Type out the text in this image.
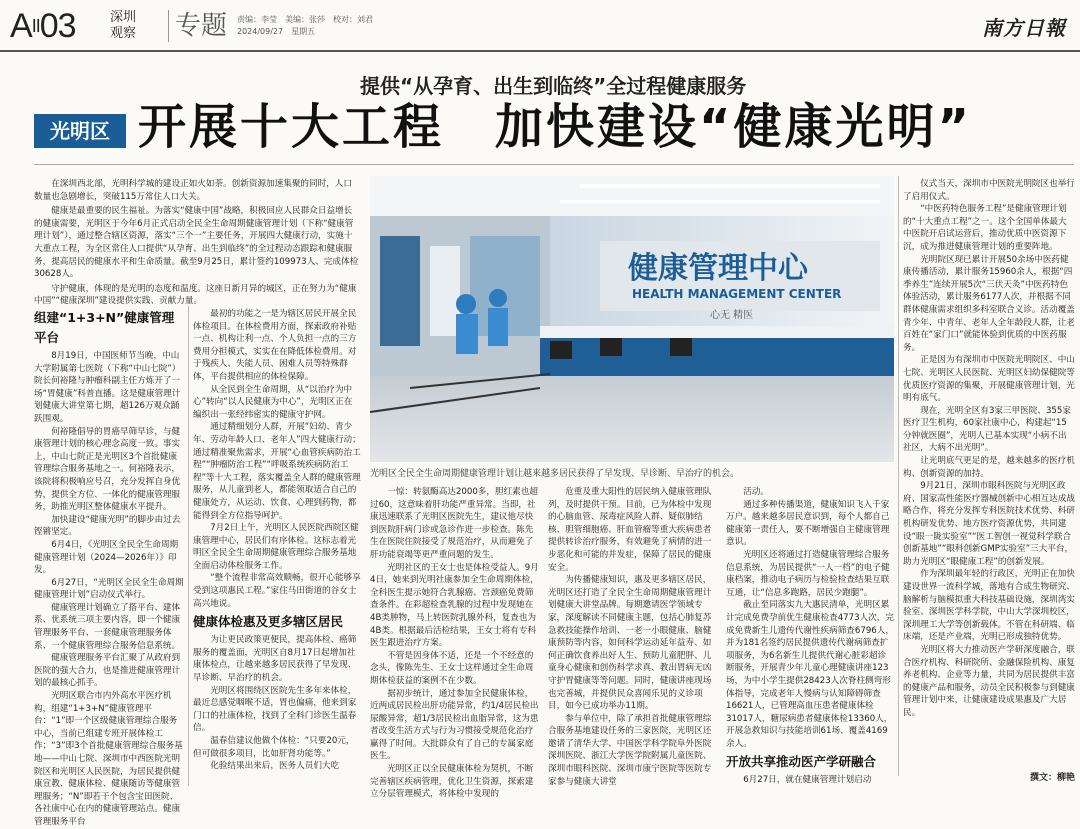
$A^{II}03$	深圳
观察 专题 责编：李莹　美编：张莎　校对：刘君
2024/09/27　星期五	南方日報
提供“从孕育、出生到临终”全过程健康服务
光明区 开展十大工程　加快建设“健康光明”

在深圳西北部，光明科学城的建设正如火如荼。创新资源加速集聚的同时，人口数量也急剧增长，突破115万常住人口大关。

健康是最重要的民生福祉。为落实“健康中国”战略，积极回应人民群众日益增长的健康需要，光明区于今年6月正式启动全民全生命周期健康管理计划（下称“健康管理计划”），通过整合辖区资源，落实“三个一”主要任务，开展四大健康行动，实施十大重点工程，为全区常住人口提供“从孕育、出生到临终”的全过程动态跟踪和健康服务，提高居民的健康水平和生命质量。截至9月25日，累计签约109973人、完成体检30628人。

守护健康，体现的是光明的态度和温度。这座日新月异的城区，正在努力为“健康中国”“健康深圳”建设提供实践、贡献力量。

健康管理中心
HEALTH MANAGEMENT CENTER
心无 精医
光明区全民全生命周期健康管理计划让越来越多居民获得了早发现、早诊断、早治疗的机会。
组建“1+3+N”健康管理平台

8月19日，中国医师节当晚，中山大学附属第七医院（下称“中山七院”）院长何裕隆与肿瘤科副主任方炼开了一场“胃健康”科普直播。这是健康管理计划健康大讲堂第七期，超126万观众踊跃围观。

何裕隆倡导的胃癌早筛早诊，与健康管理计划的核心理念高度一致。事实上，中山七院正是光明区3个首批健康管理综合服务基地之一。何裕隆表示，该院将积极响应号召，充分发挥自身优势，提供全方位、一体化的健康管理服务，助推光明区整体健康水平提升。

加快建设“健康光明”的脚步由过去铿锵坚定。

6月4日，《光明区全民全生命周期健康管理计划（2024—2026年）》印发。

6月27日，“光明区全民全生命周期健康管理计划”启动仪式举行。

健康管理计划确立了搭平台、建体系、优系统三项主要内容，即一个健康管理服务平台、一套健康管理服务体系、一个健康管理综合服务信息系统。

健康管理服务平台汇聚了从政府到医院的强大合力，也是推进健康管理计划的最核心抓手。

光明区联合市内外高水平医疗机构，组建“1+3+N”健康管理平台：“1”即一个区级健康管理综合服务中心，当前已组建专班开展体检工作；“3”即3个首批健康管理综合服务基地——中山七院、深圳市中西医院光明院区和光明区人民医院，为居民提供健康宣教、健康体检、健康随访等健康管理服务；“N”即若干个包含宝田医院、各社康中心在内的健康管理站点。健康管理服务平台

最初的功能之一是为辖区居民开展全民体检项目。在体检费用方面，探索政府补贴一点、机构让利一点、个人负担一点的三方费用分担模式，实实在在降低体检费用。对于残疾人、失能人员、困难人员等特殊群体，平台提供相应的体检保障。

从全民到全生命周期，从“以治疗为中心”转向“以人民健康为中心”，光明区正在编织出一张经纬密实的健康守护网。

通过精细划分人群，开展“妇幼、青少年、劳动年龄人口、老年人”四大健康行动；通过精准聚焦需求，开展“心血管疾病防治工程”“肿瘤防治工程”“呼吸系统疾病防治工程”等十大工程，落实覆盖全人群的健康管理服务，从儿童到老人，都能领取适合自己的健康处方，从运动、饮食、心理到药物，都能得到全方位指导呵护。

7月2日上午，光明区人民医院西院区健康管理中心，居民们有序体检。这标志着光明区全民全生命周期健康管理综合服务基地全面启动体检服务工作。

“整个流程非常高效顺畅，很开心能够享受到这项惠民工程。”家住马田街道的谷女士高兴地说。

健康体检惠及更多辖区居民

为让更民政策更便民，提高体检、癌筛服务的覆盖面，光明区自8月17日起增加社康体检点，让越来越多居民获得了早发现、早诊断、早治疗的机会。

光明区将围绕区医院先生多年来体检，最近总感觉咽喉不适，胃也偏痛，他来到家门口的社康体检，找到了全科门诊医生温春信。

温春信建议他做个体检：“只要20元，但可做很多项目，比如肝肾功能等。”

化验结果出来后，医务人员们大吃

一惊：转氨酶高达2000多，胆红素也超过60，这意味着肝功能严重异常。当即，社康迅速联系了光明区医院先生，建议他尽快到医院肝病门诊或急诊作进一步检查。陈先生在医院住院接受了规范治疗，从而避免了肝功能衰竭等更严重问题的发生。

光明社区的王女士也是体检受益人。9月4日，她来到光明社康参加全生命周期体检，全科医生提示她符合乳腺癌、宫颈癌免费筛查条件。在彩超检查乳腺的过程中发现她在4B类肿物，马上转医院乳腺外科，复查也为4B类。根据最后活检结果，王女士将有专科医生跟进治疗方案。

不管是因身体不适，还是一个不经意的念头，像陈先生、王女士这样通过全生命周期体检获益的案例不在少数。

据初步统计，通过参加全民健康体检，近两成居民检出肝功能异常，约1/4居民检出尿酸异常，超1/3居民检出血脂异常，这为患者改变生活方式与行为习惯接受规范化治疗赢得了时间。大批群众有了自己的专属家庭医生。

光明区正以全民健康体检为契机，不断完善辖区疾病管理，优化卫生资源，探索建立分层管理模式，将体检中发现的

危重及重大阳性的居民纳入健康管理队列，及时提供干预。目前，已为体检中发现的心脑血管、尿毒症风险人群、疑似肺结核、胆管细胞癌、肝血管瘤等重大疾病患者提供转诊治疗服务，有效避免了病情的进一步恶化和可能的并发症，保障了居民的健康安全。

为传播健康知识，惠及更多辖区居民，光明区还打造了全民全生命周期健康管理计划健康大讲堂品牌。每期邀请医学领域专家，深度解读不同健康主题，包括心肺复苏急救技能操作培训、一老一小眼健康、脑健康预防等内容，如何科学运动延年益寿、如何正确饮食养出好人生、预防儿童肥胖、儿童身心健康和创伤科学求真、教出胃病无凶守护胃健康等等问题。同时，健康讲座现场也完善城，并提供民众喜闻乐见的义诊项目，如今已成功举办11期。

参与单位中，除了承担首批健康管理综合服务基地建设任务的三家医院，光明区还邀请了清华大学、中国医学科学院阜外医院深圳医院、浙江大学医学院附属儿童医院、深圳市眼科医院、深圳市康宁医院等医院专家参与健康大讲堂

活动。

通过多种传播渠道，健康知识飞入千家万户。越来越多居民意识到，每个人都自己健康第一责任人，要不断增强自主健康管理意识。

光明区还将通过打造健康管理综合服务信息系统，为居民提供“一人一档”的电子健康档案，推动电子病历与检验检查结果互联互通，让“信息多跑路，居民少跑腿”。

截止至同落实九大惠民清单，光明区累计完成免费孕前优生健康检查4773人次，完成免费新生儿遗传代谢性疾病筛查6796人，并为181名签约居民提供遗传代谢病筛查扩项服务，为6名新生儿提供代谢心脏彩超诊断服务，开展青少年儿童心理健康讲座123场，为中小学生提供28423人次脊柱侧弯形体指导，完成老年人慢病与认知障碍筛查16621人，已管理高血压患者健康体检31017人，糖尿病患者健康体检13360人，开展急救知识与技能培训61场、覆盖4169余人。

开放共享推动医产学研融合

6月27日，就在健康管理计划启动

仪式当天，深圳市中医院光明院区也举行了启用仪式。

“中医药特色服务工程”是健康管理计划的“十大重点工程”之一。这个全国单体最大中医院开启试运营后，推动优质中医资源下沉，成为推进健康管理计划的重要阵地。

光明院区现已累计开展50余场中医药健康传播活动，累计服务15960余人，根据“四季养生”连续开展5次“三伏天灸”中医药特色体验活动，累计服务6177人次，并根据不同群体健康需求组织多科室联合义诊。活动覆盖青少年、中青年、老年人全年龄段人群，让老百姓在“家门口”就能体验到优质的中医药服务。

正是因为有深圳市中医院光明院区、中山七院、光明区人民医院、光明区妇幼保健院等优质医疗资源的集聚，开展健康管理计划，光明有底气。

现在，光明全区有3家三甲医院、355家医疗卫生机构，60家社康中心，构建起“15分钟就医圈”，光明人已基本实现“小病不出社区，大病不出光明”。

让光明底气更足的是，越来越多的医疗机构、创新资源的加持。

9月21日，深圳市眼科医院与光明区政府、国家高性能医疗器械创新中心相互达成战略合作，将充分发挥专科医院技术优势、科研机构研发优势、地方医疗资源优势，共同建设“眼一陇实验室”“医工智创一视觉科学联合创新基地”“眼科创新GMP实验室”三大平台，助力光明区“眼健康工程”的创新发展。

作为深圳最年轻的行政区，光明正在加快建设世界一流科学城，落地有合成生物研究、脑解析与脑模拟重大科技基础设施，深圳湾实验室、深圳医学科学院，中山大学深圳校区，深圳理工大学等创新载体。不管在科研端、临床端，还是产业端，光明已形成独特优势。

光明区将大力推动医产学研深度融合，联合医疗机构、科研院所、金融保险机构、康复养老机构、企业等力量，共同为居民提供丰富的健康产品和服务，动员全民积极参与到健康管理计划中来，让健康建设成果惠及广大居民。

撰文：柳艳
